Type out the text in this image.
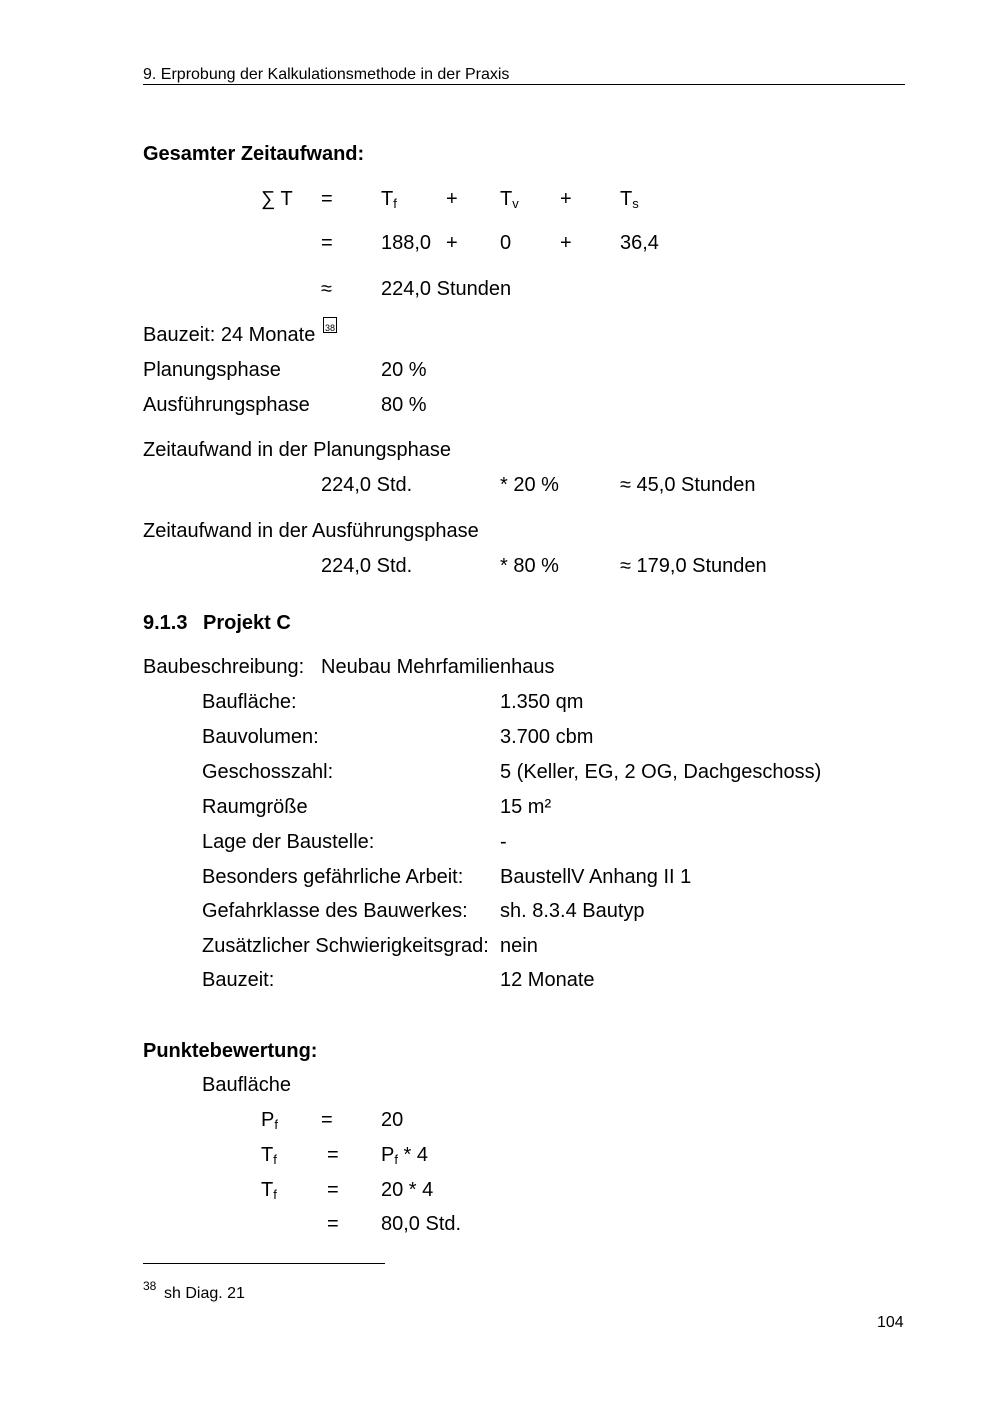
9. Erprobung der Kalkulationsmethode in der Praxis
Gesamter Zeitaufwand:
∑ $T = T_f + T_v + T_s$
= 188,0 + 0 + 36,4
≈ 224,0 Stunden
Bauzeit: 24 Monate 38
Planungsphase	20 %
Ausführungsphase	80 %
Zeitaufwand in der Planungsphase
224,0 Std.	* 20 %	≈ 45,0 Stunden
Zeitaufwand in der Ausführungsphase
224,0 Std.	* 80 %	≈ 179,0 Stunden
9.1.3 Projekt C
Baubeschreibung: Neubau Mehrfamilienhaus
Baufläche:	1.350 qm
Bauvolumen:	3.700 cbm
Geschosszahl:	5 (Keller, EG, 2 OG, Dachgeschoss)
Raumgröße	15 m²
Lage der Baustelle:	-
Besonders gefährliche Arbeit: BaustellV Anhang II 1
Gefahrklasse des Bauwerkes: sh. 8.3.4 Bautyp
Zusätzlicher Schwierigkeitsgrad: nein
Bauzeit:	12 Monate
Punktebewertung:
Baufläche
$P_f = 20$
$T_f$	= $P_f * 4$
$T_f$	= 20 * 4
= 80,0 Std.
38 sh Diag. 21
104
